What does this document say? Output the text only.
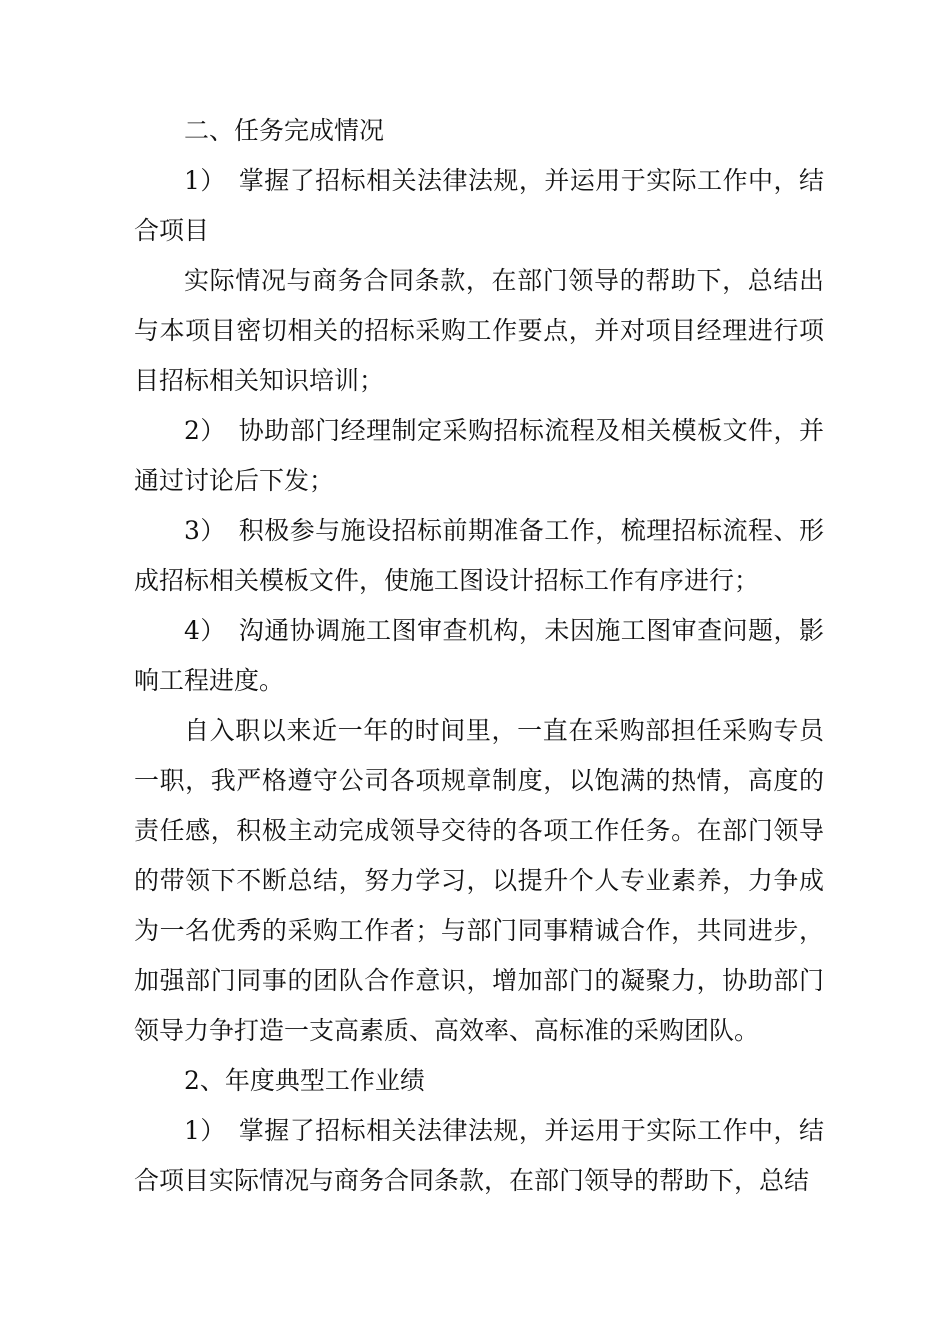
二、任务完成情况

1）　掌握了招标相关法律法规，并运用于实际工作中，结合项目

实际情况与商务合同条款，在部门领导的帮助下，总结出与本项目密切相关的招标采购工作要点，并对项目经理进行项目招标相关知识培训；

2）　协助部门经理制定采购招标流程及相关模板文件，并通过讨论后下发；

3）　积极参与施设招标前期准备工作，梳理招标流程、形成招标相关模板文件，使施工图设计招标工作有序进行；

4）　沟通协调施工图审查机构，未因施工图审查问题，影响工程进度。

自入职以来近一年的时间里，一直在采购部担任采购专员一职，我严格遵守公司各项规章制度，以饱满的热情，高度的责任感，积极主动完成领导交待的各项工作任务。在部门领导的带领下不断总结，努力学习，以提升个人专业素养，力争成为一名优秀的采购工作者；与部门同事精诚合作，共同进步，加强部门同事的团队合作意识，增加部门的凝聚力，协助部门领导力争打造一支高素质、高效率、高标准的采购团队。

2、年度典型工作业绩

1）　掌握了招标相关法律法规，并运用于实际工作中，结合项目实际情况与商务合同条款，在部门领导的帮助下，总结
